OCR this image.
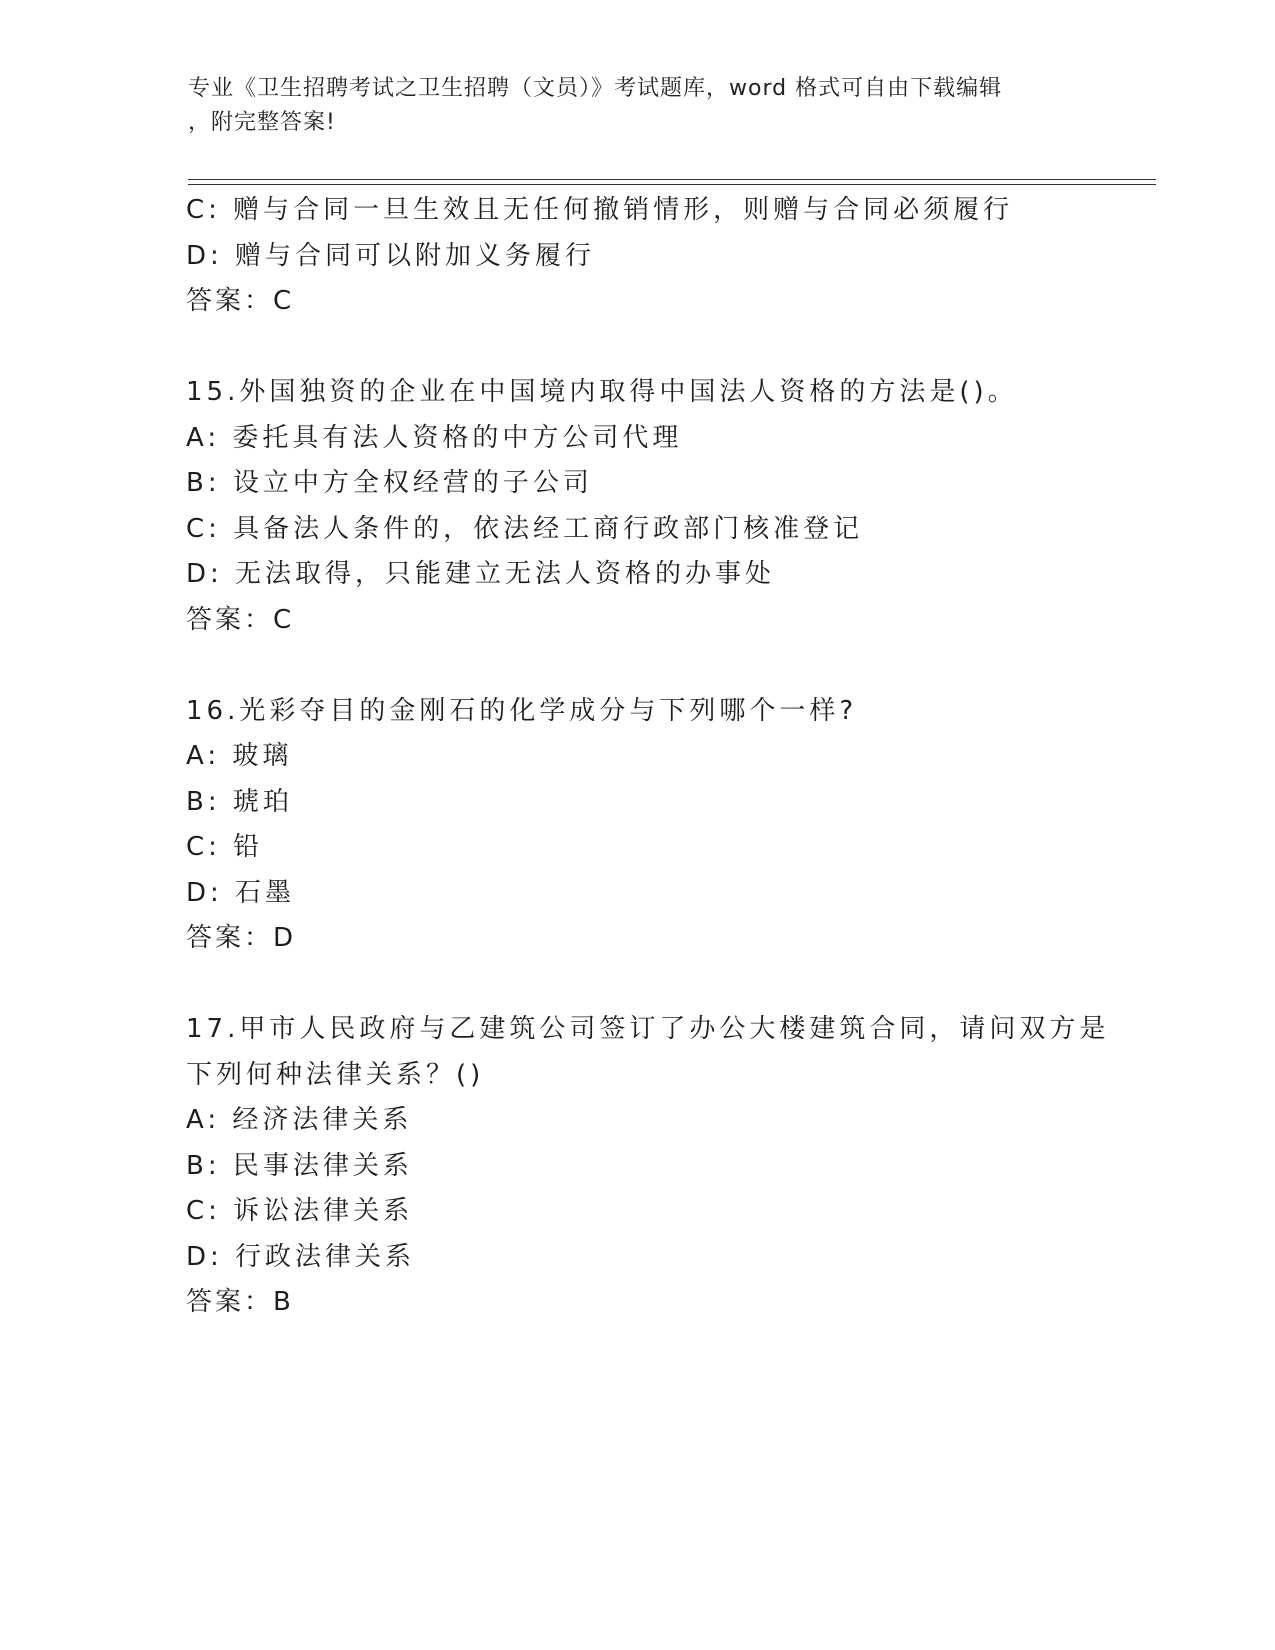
专业《卫生招聘考试之卫生招聘（文员）》考试题库，word 格式可自由下载编辑
，附完整答案!
C: 赠与合同一旦生效且无任何撤销情形，则赠与合同必须履行
D: 赠与合同可以附加义务履行
答案：C
15.外国独资的企业在中国境内取得中国法人资格的方法是()。
A: 委托具有法人资格的中方公司代理
B: 设立中方全权经营的子公司
C: 具备法人条件的，依法经工商行政部门核准登记
D: 无法取得，只能建立无法人资格的办事处
答案：C
16.光彩夺目的金刚石的化学成分与下列哪个一样?
A: 玻璃
B: 琥珀
C: 铅
D: 石墨
答案：D
17.甲市人民政府与乙建筑公司签订了办公大楼建筑合同，请问双方是
下列何种法律关系？()
A: 经济法律关系
B: 民事法律关系
C: 诉讼法律关系
D: 行政法律关系
答案：B
